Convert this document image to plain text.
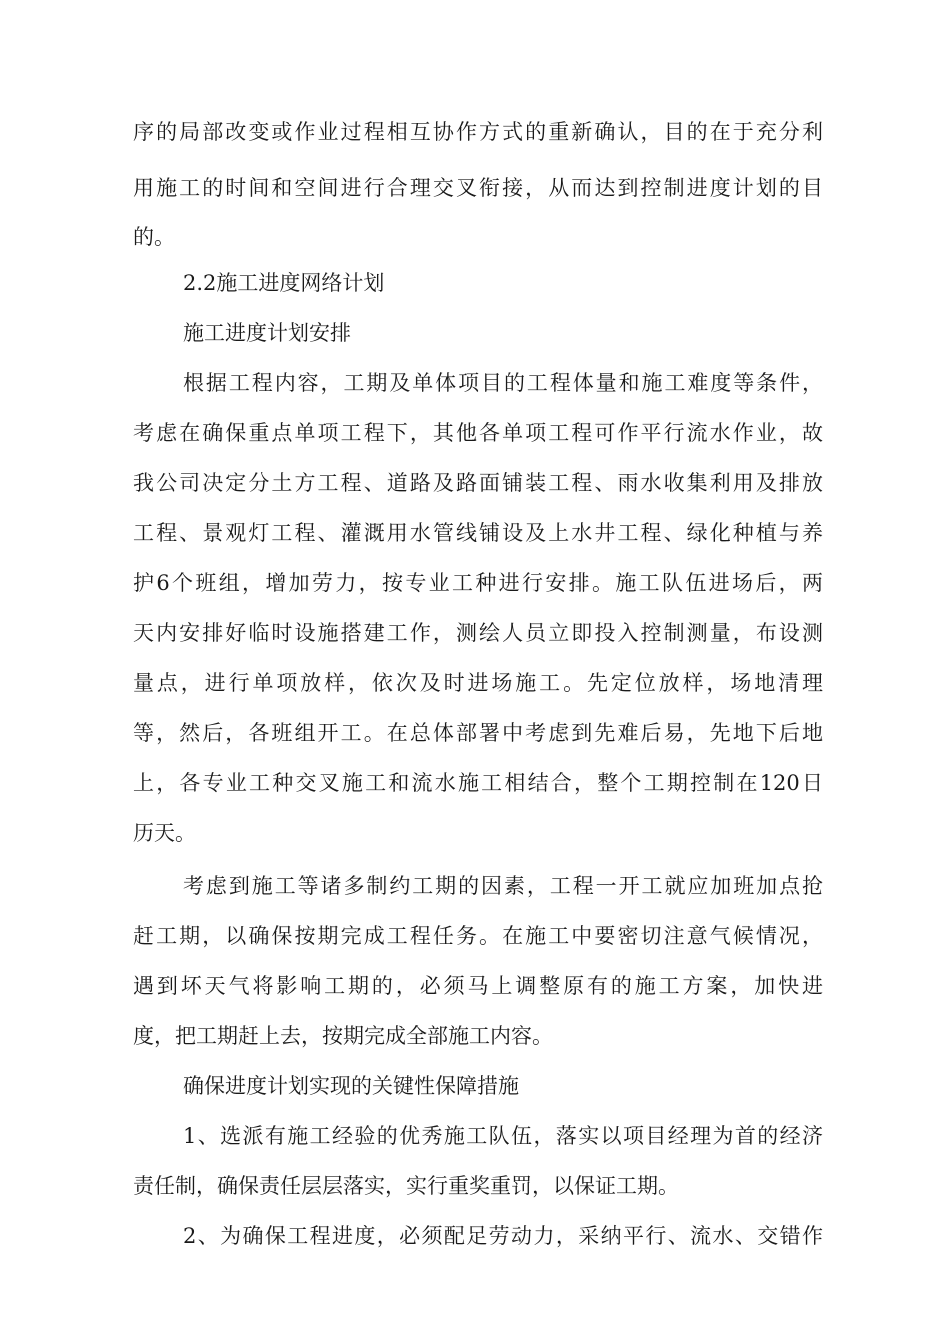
序的局部改变或作业过程相互协作方式的重新确认，目的在于充分利
用施工的时间和空间进行合理交叉衔接，从而达到控制进度计划的目
的。
2.2施工进度网络计划
施工进度计划安排
根据工程内容，工期及单体项目的工程体量和施工难度等条件，
考虑在确保重点单项工程下，其他各单项工程可作平行流水作业，故
我公司决定分土方工程、道路及路面铺装工程、雨水收集利用及排放
工程、景观灯工程、灌溉用水管线铺设及上水井工程、绿化种植与养
护6个班组，增加劳力，按专业工种进行安排。施工队伍进场后，两
天内安排好临时设施搭建工作，测绘人员立即投入控制测量，布设测
量点，进行单项放样，依次及时进场施工。先定位放样，场地清理
等，然后，各班组开工。在总体部署中考虑到先难后易，先地下后地
上，各专业工种交叉施工和流水施工相结合，整个工期控制在120日
历天。
考虑到施工等诸多制约工期的因素，工程一开工就应加班加点抢
赶工期，以确保按期完成工程任务。在施工中要密切注意气候情况，
遇到坏天气将影响工期的，必须马上调整原有的施工方案，加快进
度，把工期赶上去，按期完成全部施工内容。
确保进度计划实现的关键性保障措施
1、选派有施工经验的优秀施工队伍，落实以项目经理为首的经济
责任制，确保责任层层落实，实行重奖重罚，以保证工期。
2、为确保工程进度，必须配足劳动力，采纳平行、流水、交错作
